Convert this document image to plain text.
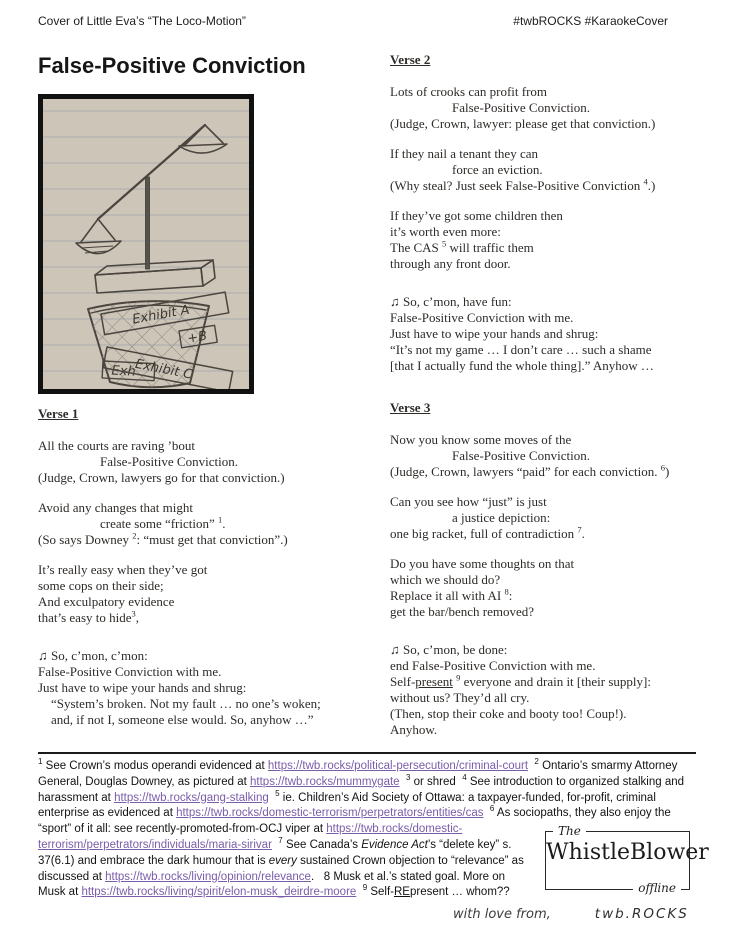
Cover of Little Eva’s “The Loco-Motion”	#twbROCKS #KaraokeCover
False-Positive Conviction
+B
Exhibit A
Exh
Exhibit C
Verse 1
All the courts are raving ’bout
False-Positive Conviction.
(Judge, Crown, lawyers go for that conviction.)
Avoid any changes that might
create some “friction” $^1$.
(So says Downey $^2$: “must get that conviction”.)
It’s really easy when they’ve got
some cops on their side;
And exculpatory evidence
that’s easy to hide$^3$,
♫ So, c’mon, c’mon:
False-Positive Conviction with me.
Just have to wipe your hands and shrug:
“System’s broken. Not my fault … no one’s woken;
and, if not I, someone else would. So, anyhow …”
Verse 2
Lots of crooks can profit from
False-Positive Conviction.
(Judge, Crown, lawyer: please get that conviction.)
If they nail a tenant they can
force an eviction.
(Why steal? Just seek False-Positive Conviction $^4$.)
If they’ve got some children then
it’s worth even more:
The CAS $^5$ will traffic them
through any front door.
♫ So, c’mon, have fun:
False-Positive Conviction with me.
Just have to wipe your hands and shrug:
“It’s not my game … I don’t care … such a shame
[that I actually fund the whole thing].” Anyhow …
Verse 3
Now you know some moves of the
False-Positive Conviction.
(Judge, Crown, lawyers “paid” for each conviction. $^6$)
Can you see how “just” is just
a justice depiction:
one big racket, full of contradiction $^7$.
Do you have some thoughts on that
which we should do?
Replace it all with AI $^8$:
get the bar/bench removed?
♫ So, c’mon, be done:
end False-Positive Conviction with me.
Self-present $^9$ everyone and drain it [their supply]:
without us? They’d all cry.
(Then, stop their coke and booty too! Coup!).
Anyhow.
The
WhistleBlower
offline
$^1$ See Crown’s modus operandi evidenced at https://twb.rocks/political-persecution/criminal-court $^2$ Ontario’s smarmy Attorney General, Douglas Downey, as pictured at https://twb.rocks/mummygate $^3$ or shred  $^4$ See introduction to organized stalking and harassment at https://twb.rocks/gang-stalking $^5$ ie. Children’s Aid Society of Ottawa: a taxpayer-funded, for-profit, criminal enterprise as evidenced at https://twb.rocks/domestic-terrorism/perpetrators/entities/cas $^6$ As sociopaths, they also enjoy the “sport” of it all: see recently-promoted-from-OCJ viper at https://twb.rocks/domestic-terrorism/perpetrators/individuals/maria-sirivar $^7$ See Canada’s Evidence Act’s “delete key” s. 37(6.1) and embrace the dark humour that is every sustained Crown objection to “relevance” as discussed at https://twb.rocks/living/opinion/relevance.   8 Musk et al.’s stated goal. More on Musk at https://twb.rocks/living/spirit/elon-musk_deirdre-moore $^9$ Self-REpresent … whom??
with love from,	twb.ROCKS
